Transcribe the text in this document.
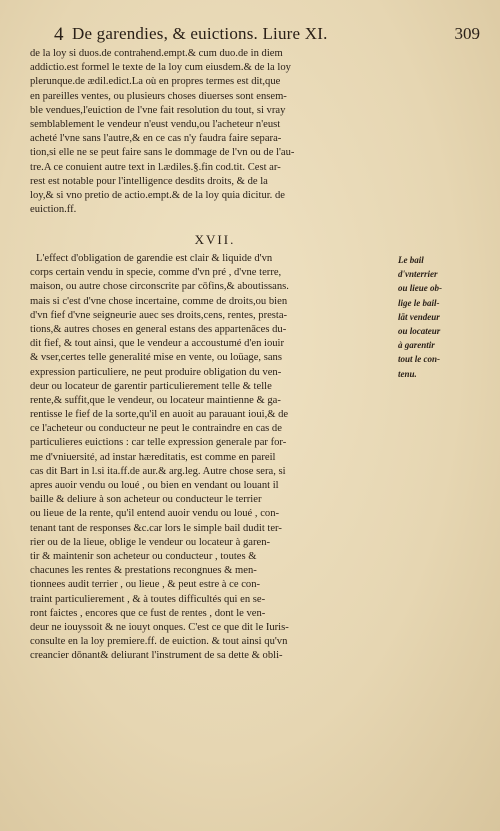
4 De garendies, & euictions. Liure XI.	309
de la loy si duos.de contrahend.empt.& cum duo.de in diem
addictio.est formel le texte de la loy cum eiusdem.& de la loy
plerunque.de ædil.edict.La où en propres termes est dit,que
en pareilles ventes, ou plusieurs choses diuerses sont ensem-
ble vendues,l'euiction de l'vne fait resolution du tout, si vray
semblablement le vendeur n'eust vendu,ou l'acheteur n'eust
acheté l'vne sans l'autre,& en ce cas n'y faudra faire separa-
tion,si elle ne se peut faire sans le dommage de l'vn ou de l'au-
tre.A ce conuient autre text in l.ædiles.§.fin cod.tit. Cest ar-
rest est notable pour l'intelligence desdits droits, & de la
loy,& si vno pretio de actio.empt.& de la loy quia dicitur. de
euiction.ff.
XVII.
L'effect d'obligation de garendie est clair & liquide d'vn
corps certain vendu in specie, comme d'vn pré , d'vne terre,
maison, ou autre chose circonscrite par cōfins,& aboutissans.
mais si c'est d'vne chose incertaine, comme de droits,ou bien
d'vn fief d'vne seigneurie auec ses droits,cens, rentes, presta-
tions,& autres choses en general estans des appartenāces du-
dit fief, & tout ainsi, que le vendeur a accoustumé d'en iouir
& vser,certes telle generalité mise en vente, ou loüage, sans
expression particuliere, ne peut produire obligation du ven-
deur ou locateur de garentir particulierement telle & telle
rente,& suffit,que le vendeur, ou locateur maintienne & ga-
rentisse le fief de la sorte,qu'il en auoit au parauant ioui,& de
ce l'acheteur ou conducteur ne peut le contraindre en cas de
particulieres euictions : car telle expression generale par for-
me d'vniuersité, ad instar hæreditatis, est comme en pareil
cas dit Bart in l.si ita.ff.de aur.& arg.leg. Autre chose sera, si
apres auoir vendu ou loué , ou bien en vendant ou louant il
baille & deliure à son acheteur ou conducteur le terrier
ou lieue de la rente, qu'il entend auoir vendu ou loué , con-
tenant tant de responses &c.car lors le simple bail dudit ter-
rier ou de la lieue, oblige le vendeur ou locateur à garen-
tir & maintenir son acheteur ou conducteur , toutes &
chacunes les rentes & prestations recongnues & men-
tionnees audit terrier , ou lieue , & peut estre à ce con-
traint particulierement , & à toutes difficultés qui en se-
ront faictes , encores que ce fust de rentes , dont le ven-
deur ne iouyssoit & ne iouyt onques. C'est ce que dit le Iuris-
consulte en la loy premiere.ff. de euiction. & tout ainsi qu'vn
creancier dōnant& deliurant l'instrument de sa dette & obli-
Le bail
d'vnterrier
ou lieue ob-
lige le bail-
lāt vendeur
ou locateur
à garentir
tout le con-
tenu.
